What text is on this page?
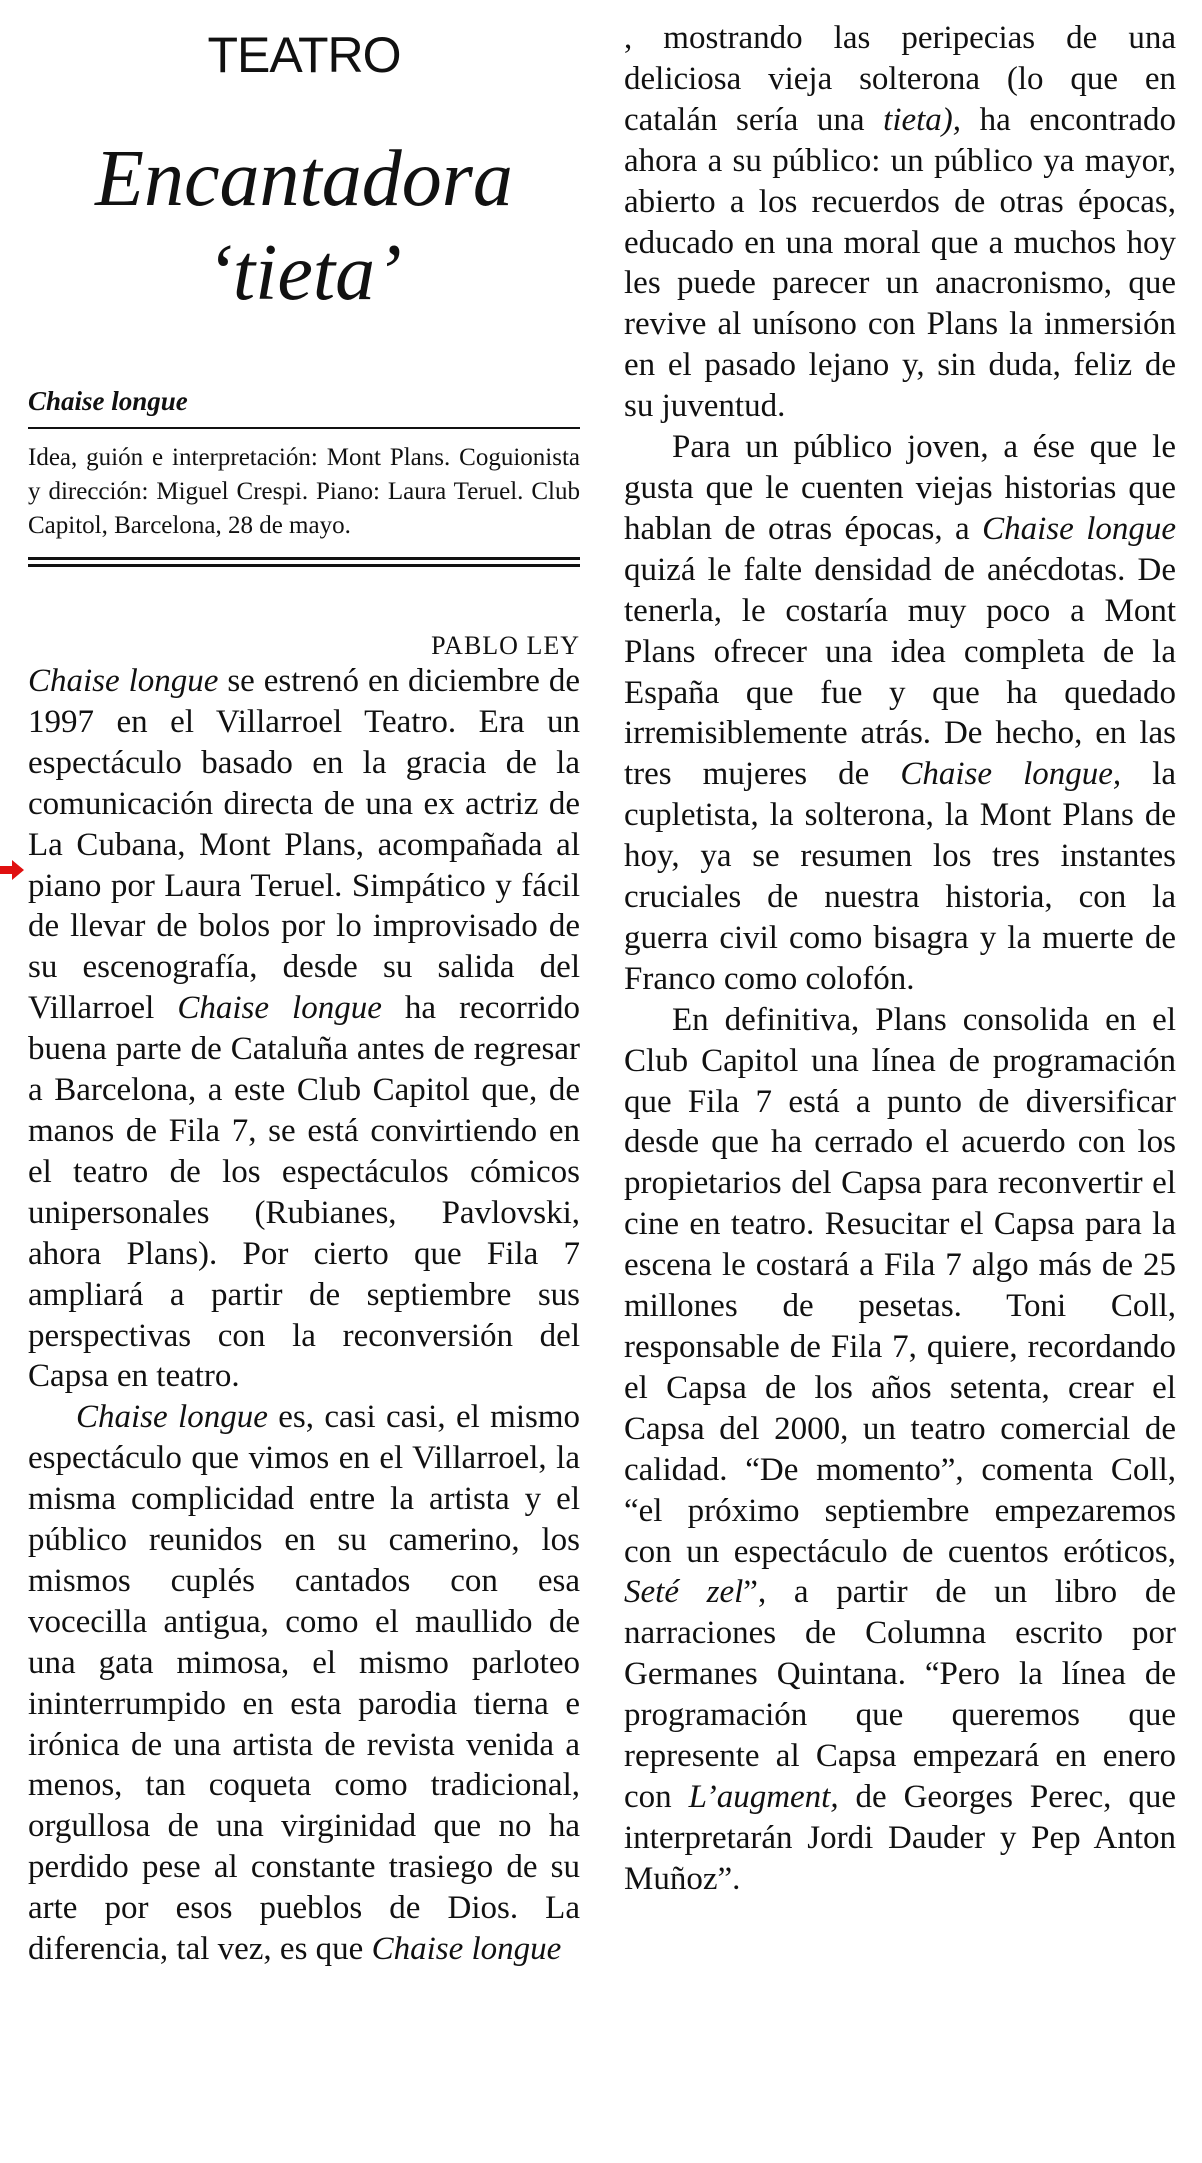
TEATRO
Encantadora
‘tieta’
Chaise longue
Idea, guión e interpretación: Mont Plans. Coguionista y dirección: Miguel Crespi. Piano: Laura Teruel. Club Capitol, Barcelona, 28 de mayo.
PABLO LEY

Chaise longue se estrenó en diciembre de 1997 en el Villarroel Teatro. Era un espectáculo basado en la gracia de la comunicación directa de una ex actriz de La Cubana, Mont Plans, acompañada al piano por Laura Teruel. Simpático y fácil de llevar de bolos por lo improvisado de su escenografía, desde su salida del Villarroel Chaise longue ha recorrido buena parte de Cataluña antes de regresar a Barcelona, a este Club Capitol que, de manos de Fila 7, se está convirtiendo en el teatro de los espectáculos cómicos unipersonales (Rubianes, Pavlovski, ahora Plans). Por cierto que Fila 7 ampliará a partir de septiembre sus perspectivas con la reconversión del Capsa en teatro.

Chaise longue es, casi casi, el mismo espectáculo que vimos en el Villarroel, la misma complicidad entre la artista y el público reunidos en su camerino, los mismos cuplés cantados con esa vocecilla antigua, como el maullido de una gata mimosa, el mismo parloteo ininterrumpido en esta parodia tierna e irónica de una artista de revista venida a menos, tan coqueta como tradicional, orgullosa de una virginidad que no ha perdido pese al constante trasiego de su arte por esos pueblos de Dios. La diferencia, tal vez, es que Chaise longue

, mostrando las peripecias de una deliciosa vieja solterona (lo que en catalán sería una tieta), ha encontrado ahora a su público: un público ya mayor, abierto a los recuerdos de otras épocas, educado en una moral que a muchos hoy les puede parecer un anacronismo, que revive al unísono con Plans la inmersión en el pasado lejano y, sin duda, feliz de su juventud.

Para un público joven, a ése que le gusta que le cuenten viejas historias que hablan de otras épocas, a Chaise longue quizá le falte densidad de anécdotas. De tenerla, le costaría muy poco a Mont Plans ofrecer una idea completa de la España que fue y que ha quedado irremisiblemente atrás. De hecho, en las tres mujeres de Chaise longue, la cupletista, la solterona, la Mont Plans de hoy, ya se resumen los tres instantes cruciales de nuestra historia, con la guerra civil como bisagra y la muerte de Franco como colofón.

En definitiva, Plans consolida en el Club Capitol una línea de programación que Fila 7 está a punto de diversificar desde que ha cerrado el acuerdo con los propietarios del Capsa para reconvertir el cine en teatro. Resucitar el Capsa para la escena le costará a Fila 7 algo más de 25 millones de pesetas. Toni Coll, responsable de Fila 7, quiere, recordando el Capsa de los años setenta, crear el Capsa del 2000, un teatro comercial de calidad. “De momento”, comenta Coll, “el próximo septiembre empezaremos con un espectáculo de cuentos eróticos, Seté zel”, a partir de un libro de narraciones de Columna escrito por Germanes Quintana. “Pero la línea de programación que queremos que represente al Capsa empezará en enero con L’augment, de Georges Perec, que interpretarán Jordi Dauder y Pep Anton Muñoz”.
